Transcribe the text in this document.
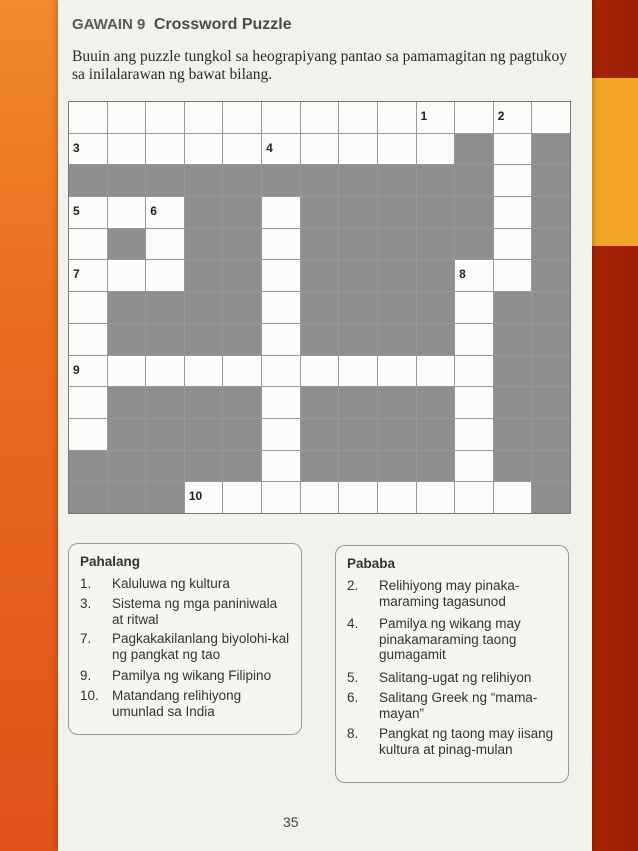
GAWAIN 9 Crossword Puzzle
Buuin ang puzzle tungkol sa heograpiyang pantao sa pamamagitan ng pagtukoy sa inilalarawan ng bawat bilang.
1	2
3	4
5	6
7	8
9
10
Pahalang
1.	Kaluluwa ng kultura
3.	Sistema ng mga paniniwala at ritwal
7.	Pagkakakilanlang biyolohi-kal ng pangkat ng tao
9.	Pamilya ng wikang Filipino
10. Matandang relihiyong umunlad sa India
Pababa
2.	Relihiyong may pinaka-maraming tagasunod
4.	Pamilya ng wikang may pinakamaraming taong gumagamit
5.	Salitang-ugat ng relihiyon
6.	Salitang Greek ng “mama-mayan”
8.	Pangkat ng taong may iisang kultura at pinag-mulan
35
